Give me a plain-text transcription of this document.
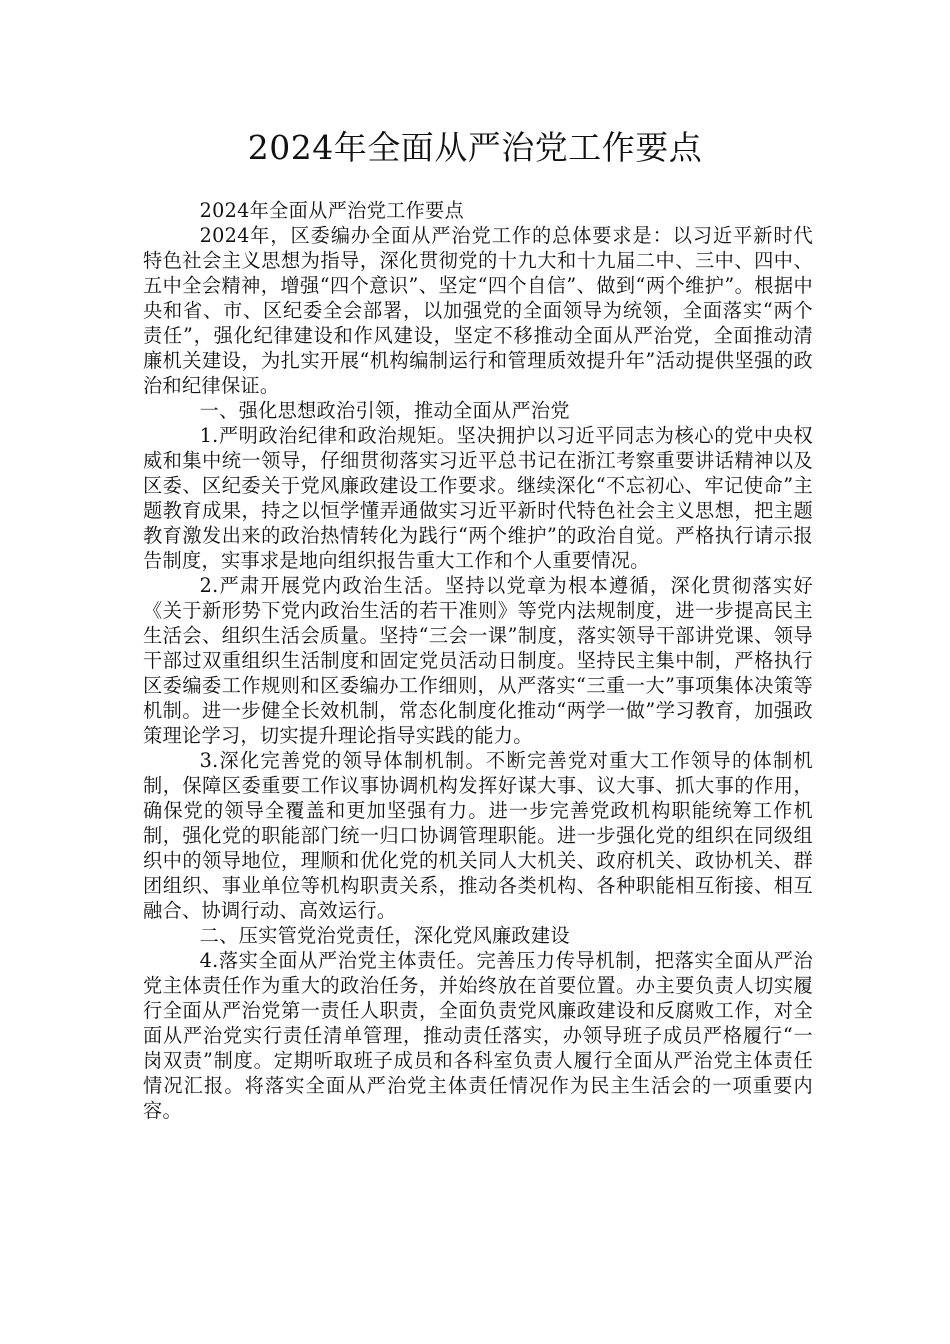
2024年全面从严治党工作要点

2024年全面从严治党工作要点

2024年，区委编办全面从严治党工作的总体要求是：以习近平新时代特色社会主义思想为指导，深化贯彻党的十九大和十九届二中、三中、四中、五中全会精神，增强“四个意识”、坚定“四个自信”、做到“两个维护”。根据中央和省、市、区纪委全会部署，以加强党的全面领导为统领，全面落实“两个责任”，强化纪律建设和作风建设，坚定不移推动全面从严治党，全面推动清廉机关建设，为扎实开展“机构编制运行和管理质效提升年”活动提供坚强的政治和纪律保证。

一、强化思想政治引领，推动全面从严治党

1.严明政治纪律和政治规矩。坚决拥护以习近平同志为核心的党中央权威和集中统一领导，仔细贯彻落实习近平总书记在浙江考察重要讲话精神以及区委、区纪委关于党风廉政建设工作要求。继续深化“不忘初心、牢记使命”主题教育成果，持之以恒学懂弄通做实习近平新时代特色社会主义思想，把主题教育激发出来的政治热情转化为践行“两个维护”的政治自觉。严格执行请示报告制度，实事求是地向组织报告重大工作和个人重要情况。

2.严肃开展党内政治生活。坚持以党章为根本遵循，深化贯彻落实好《关于新形势下党内政治生活的若干准则》等党内法规制度，进一步提高民主生活会、组织生活会质量。坚持“三会一课”制度，落实领导干部讲党课、领导干部过双重组织生活制度和固定党员活动日制度。坚持民主集中制，严格执行区委编委工作规则和区委编办工作细则，从严落实“三重一大”事项集体决策等机制。进一步健全长效机制，常态化制度化推动“两学一做”学习教育，加强政策理论学习，切实提升理论指导实践的能力。

3.深化完善党的领导体制机制。不断完善党对重大工作领导的体制机制，保障区委重要工作议事协调机构发挥好谋大事、议大事、抓大事的作用，确保党的领导全覆盖和更加坚强有力。进一步完善党政机构职能统筹工作机制，强化党的职能部门统一归口协调管理职能。进一步强化党的组织在同级组织中的领导地位，理顺和优化党的机关同人大机关、政府机关、政协机关、群团组织、事业单位等机构职责关系，推动各类机构、各种职能相互衔接、相互融合、协调行动、高效运行。

二、压实管党治党责任，深化党风廉政建设

4.落实全面从严治党主体责任。完善压力传导机制，把落实全面从严治党主体责任作为重大的政治任务，并始终放在首要位置。办主要负责人切实履行全面从严治党第一责任人职责，全面负责党风廉政建设和反腐败工作，对全面从严治党实行责任清单管理，推动责任落实，办领导班子成员严格履行“一岗双责”制度。定期听取班子成员和各科室负责人履行全面从严治党主体责任情况汇报。将落实全面从严治党主体责任情况作为民主生活会的一项重要内容。
